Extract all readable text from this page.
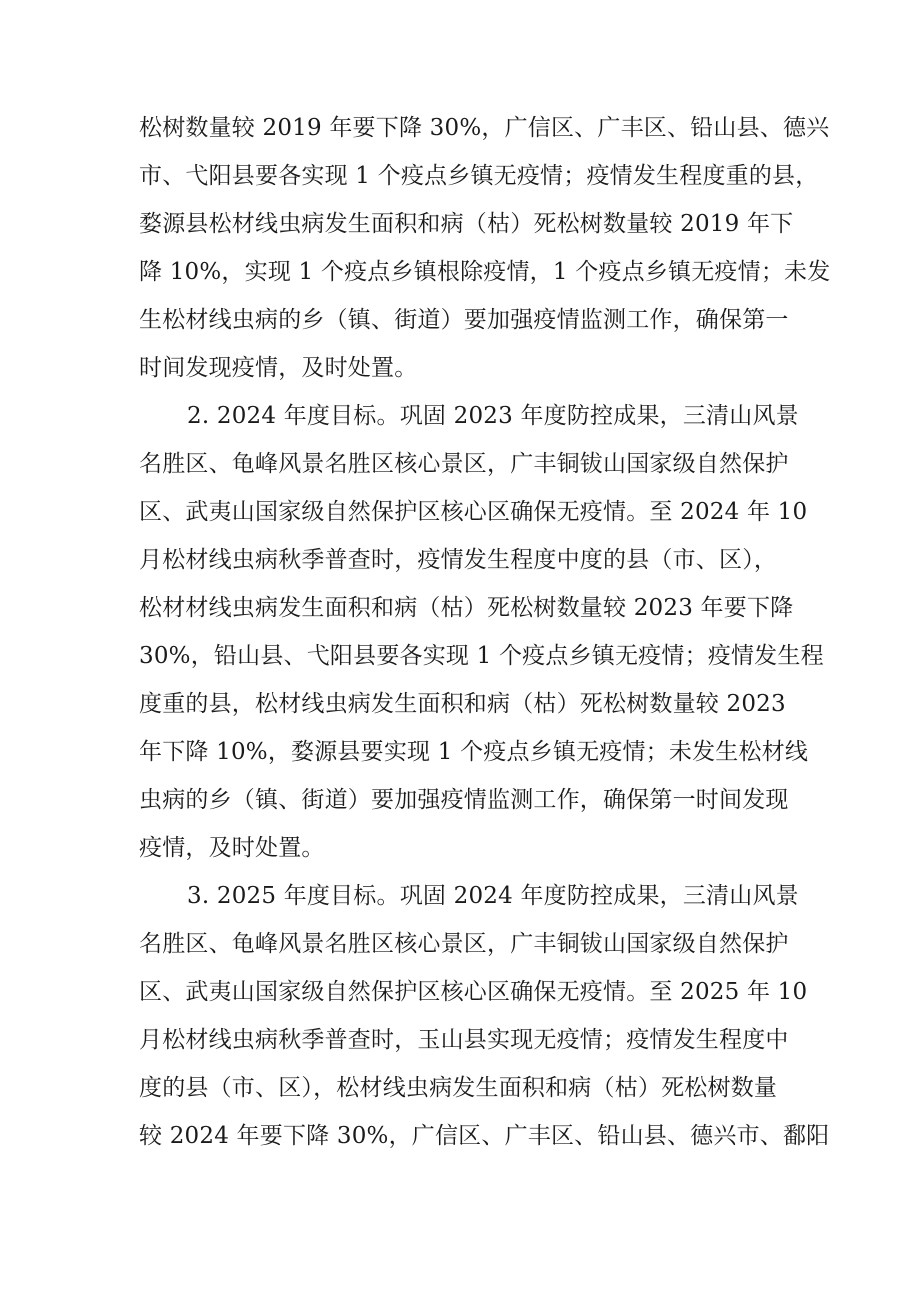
松树数量较 2019 年要下降 30%，广信区、广丰区、铅山县、德兴
市、弋阳县要各实现 1 个疫点乡镇无疫情；疫情发生程度重的县，
婺源县松材线虫病发生面积和病（枯）死松树数量较 2019 年下
降 10%，实现 1 个疫点乡镇根除疫情，1 个疫点乡镇无疫情；未发
生松材线虫病的乡（镇、街道）要加强疫情监测工作，确保第一
时间发现疫情，及时处置。
2. 2024 年度目标。巩固 2023 年度防控成果，三清山风景
名胜区、龟峰风景名胜区核心景区，广丰铜钹山国家级自然保护
区、武夷山国家级自然保护区核心区确保无疫情。至 2024 年 10
月松材线虫病秋季普查时，疫情发生程度中度的县（市、区），
松材材线虫病发生面积和病（枯）死松树数量较 2023 年要下降
30%，铅山县、弋阳县要各实现 1 个疫点乡镇无疫情；疫情发生程
度重的县，松材线虫病发生面积和病（枯）死松树数量较 2023
年下降 10%，婺源县要实现 1 个疫点乡镇无疫情；未发生松材线
虫病的乡（镇、街道）要加强疫情监测工作，确保第一时间发现
疫情，及时处置。
3. 2025 年度目标。巩固 2024 年度防控成果，三清山风景
名胜区、龟峰风景名胜区核心景区，广丰铜钹山国家级自然保护
区、武夷山国家级自然保护区核心区确保无疫情。至 2025 年 10
月松材线虫病秋季普查时，玉山县实现无疫情；疫情发生程度中
度的县（市、区），松材线虫病发生面积和病（枯）死松树数量
较 2024 年要下降 30%，广信区、广丰区、铅山县、德兴市、鄱阳
